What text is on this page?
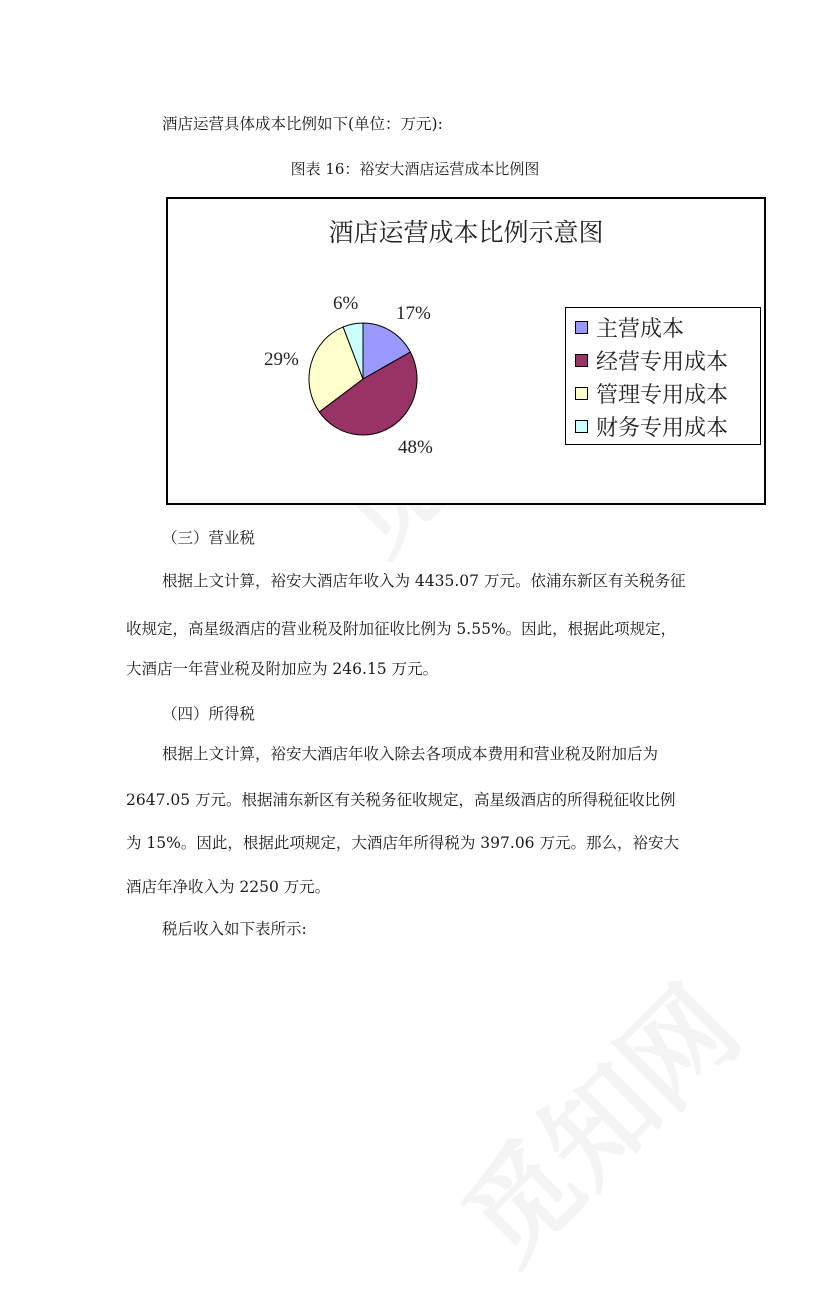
酒店运营具体成本比例如下(单位：万元):

图表 16：裕安大酒店运营成本比例图
酒店运营成本比例示意图
17%
48%
29%
6%
主营成本
经营专用成本
管理专用成本
财务专用成本

（三）营业税

根据上文计算，裕安大酒店年收入为 4435.07 万元。依浦东新区有关税务征

收规定，高星级酒店的营业税及附加征收比例为 5.55%。因此，根据此项规定，

大酒店一年营业税及附加应为 246.15 万元。

（四）所得税

根据上文计算，裕安大酒店年收入除去各项成本费用和营业税及附加后为

2647.05 万元。根据浦东新区有关税务征收规定，高星级酒店的所得税征收比例

为 15%。因此，根据此项规定，大酒店年所得税为 397.06 万元。那么，裕安大

酒店年净收入为 2250 万元。

税后收入如下表所示:
